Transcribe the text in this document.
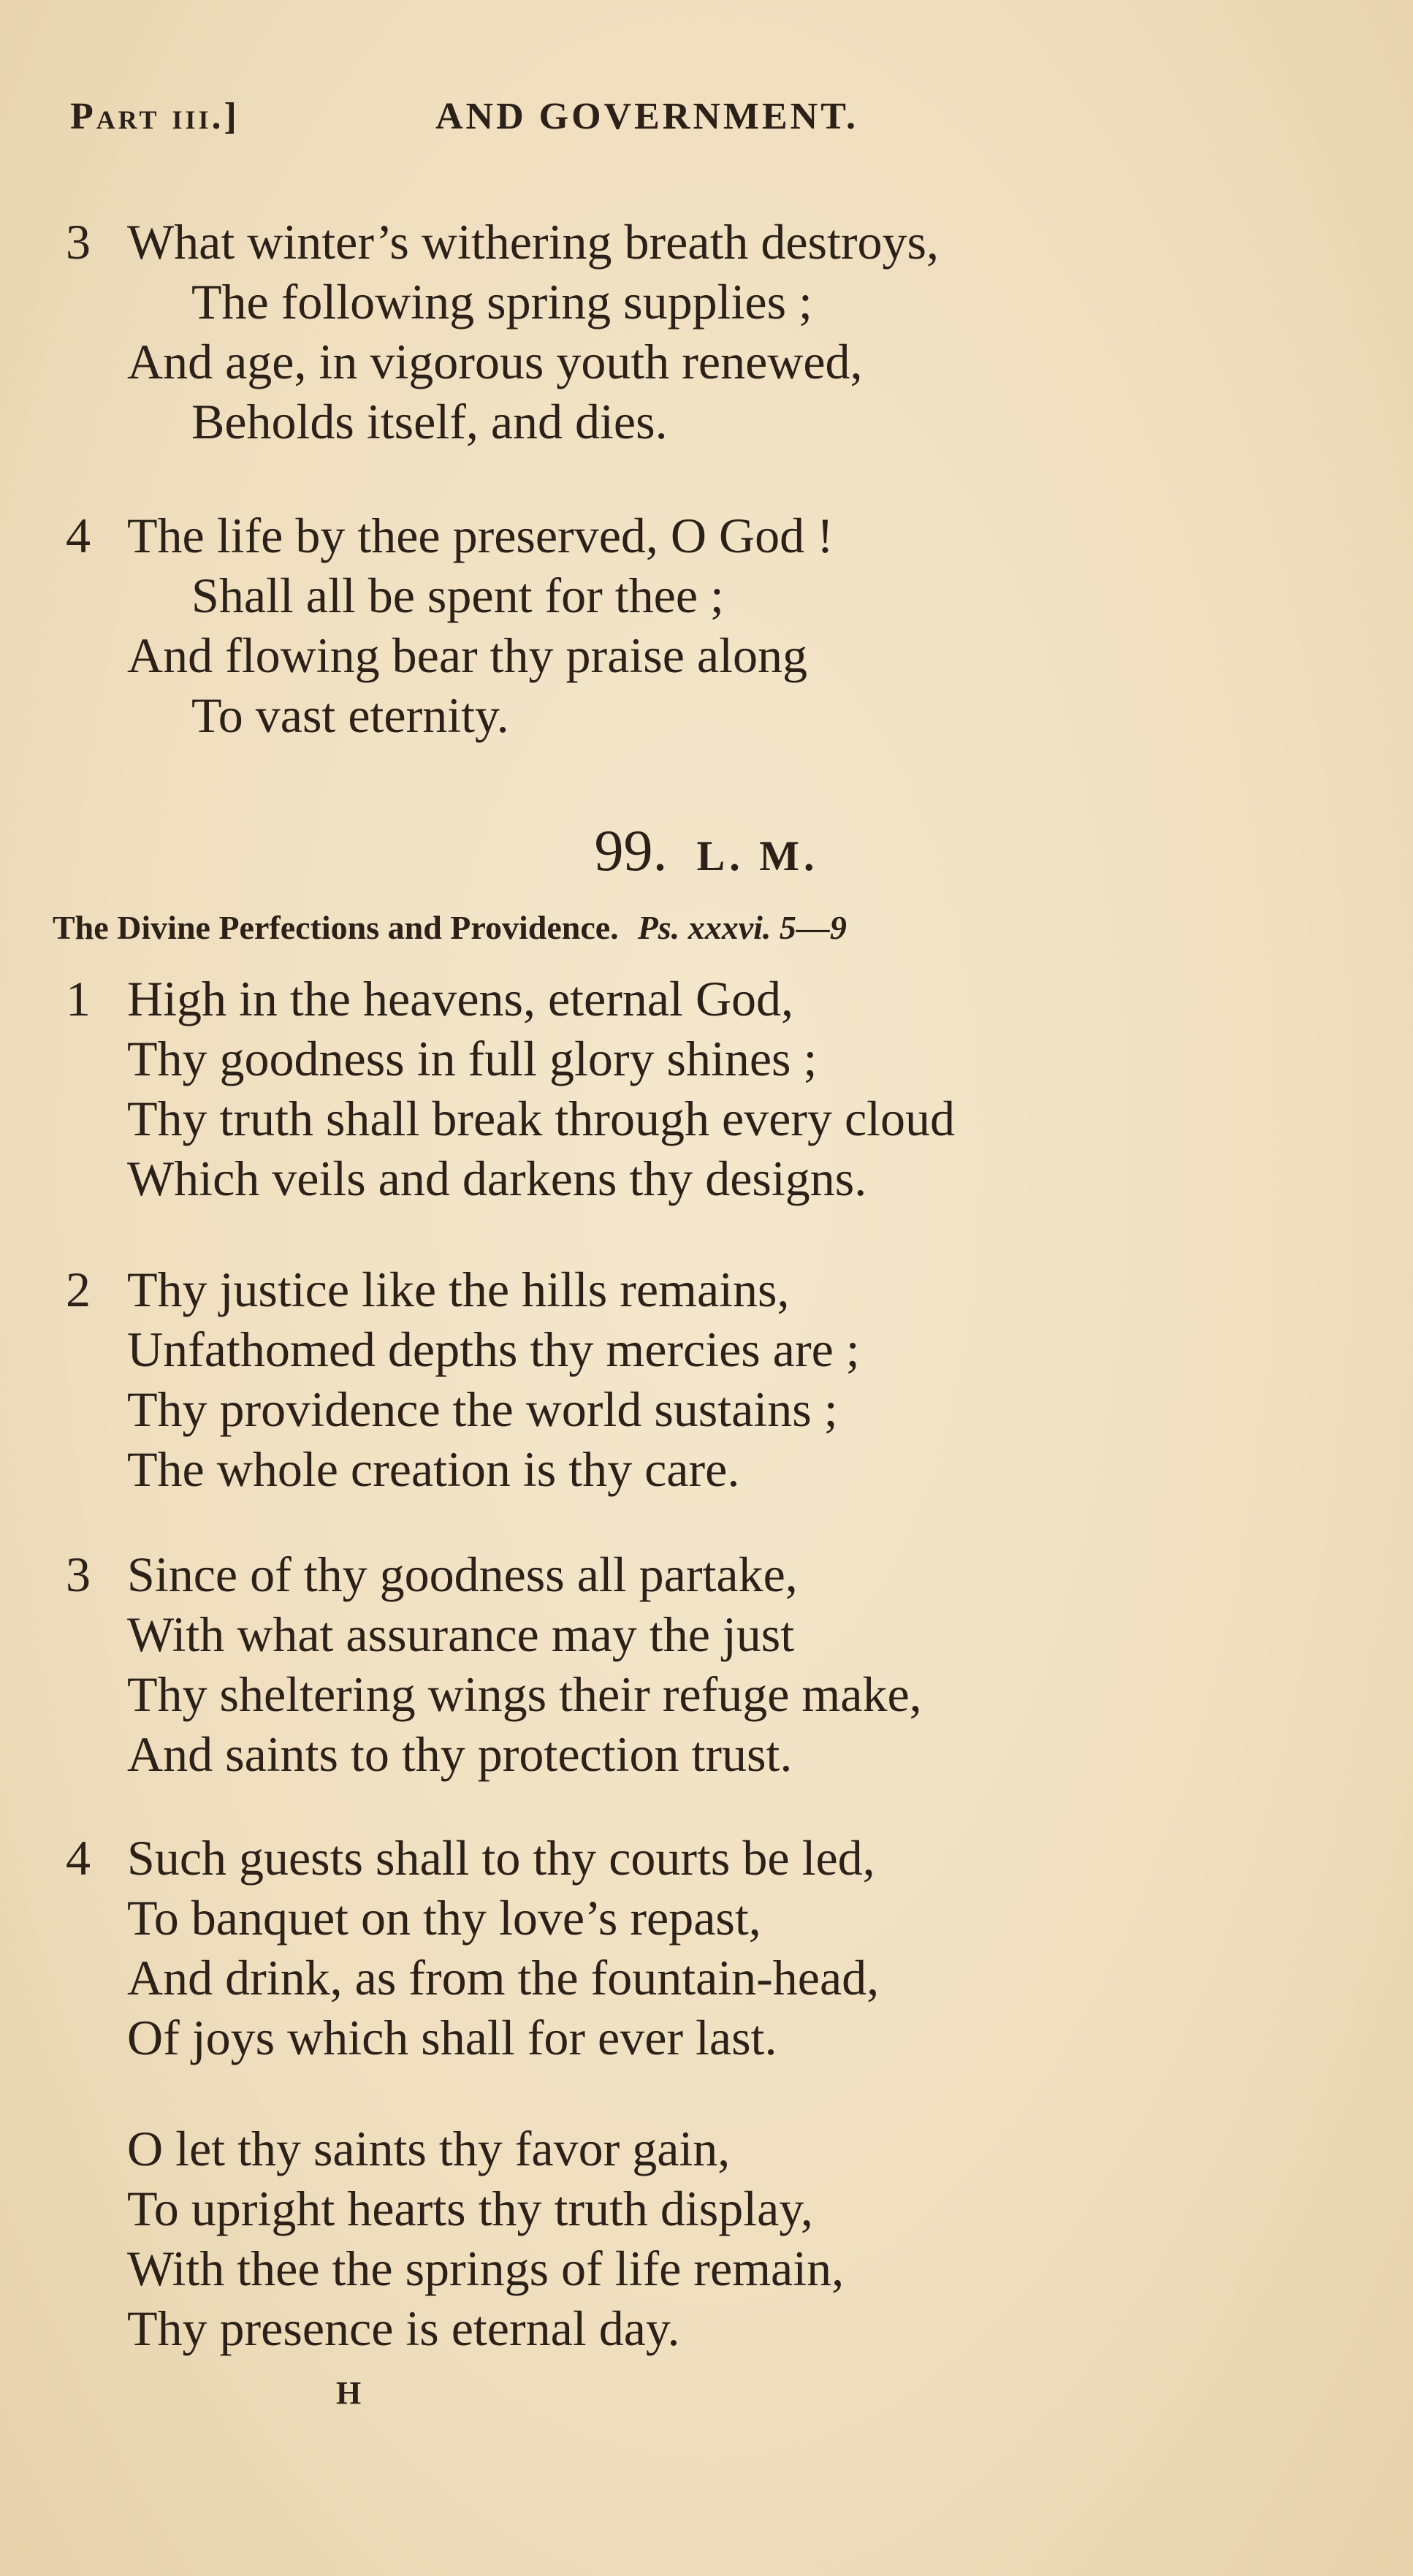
Part iii.]	AND GOVERNMENT.
3 What winter’s withering breath destroys,
The following spring supplies ;
And age, in vigorous youth renewed,
Beholds itself, and dies.
4 The life by thee preserved, O God !
Shall all be spent for thee ;
And flowing bear thy praise along
To vast eternity.
99. L. M.
The Divine Perfections and Providence. Ps. xxxvi. 5—9
1 High in the heavens, eternal God,
Thy goodness in full glory shines ;
Thy truth shall break through every cloud
Which veils and darkens thy designs.
2 Thy justice like the hills remains,
Unfathomed depths thy mercies are ;
Thy providence the world sustains ;
The whole creation is thy care.
3 Since of thy goodness all partake,
With what assurance may the just
Thy sheltering wings their refuge make,
And saints to thy protection trust.
4 Such guests shall to thy courts be led,
To banquet on thy love’s repast,
And drink, as from the fountain-head,
Of joys which shall for ever last.
O let thy saints thy favor gain,
To upright hearts thy truth display,
With thee the springs of life remain,
Thy presence is eternal day.
H
